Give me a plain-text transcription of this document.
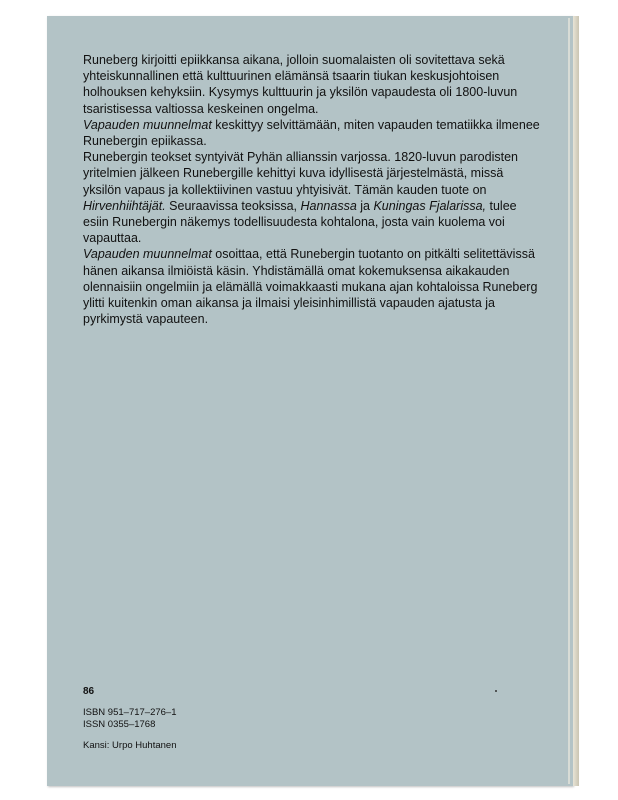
Runeberg kirjoitti epiikkansa aikana, jolloin suomalaisten oli sovitettava sekä yhteiskunnallinen että kulttuurinen elämänsä tsaarin tiukan keskusjohtoisen holhouksen kehyksiin. Kysymys kulttuurin ja yksilön vapaudesta oli 1800-luvun tsaristisessa valtiossa keskeinen ongelma.
Vapauden muunnelmat keskittyy selvittämään, miten vapauden tematiikka ilmenee Runebergin epiikassa.

Runebergin teokset syntyivät Pyhän allianssin varjossa. 1820-luvun parodisten yritelmien jälkeen Runebergille kehittyi kuva idyllisestä järjestelmästä, missä yksilön vapaus ja kollektiivinen vastuu yhtyisivät. Tämän kauden tuote on Hirvenhiihtäjät. Seuraavissa teoksissa, Hannassa ja Kuningas Fjalarissa, tulee esiin Runebergin näkemys todellisuudesta kohtalona, josta vain kuolema voi vapauttaa.

Vapauden muunnelmat osoittaa, että Runebergin tuotanto on pitkälti selitettävissä hänen aikansa ilmiöistä käsin. Yhdistämällä omat kokemuksensa aikakauden olennaisiin ongelmiin ja elämällä voimakkaasti mukana ajan kohtaloissa Runeberg ylitti kuitenkin oman aikansa ja ilmaisi yleisinhimillistä vapauden ajatusta ja pyrkimystä vapauteen.

86
ISBN 951–717–276–1
ISSN 0355–1768
Kansi: Urpo Huhtanen
